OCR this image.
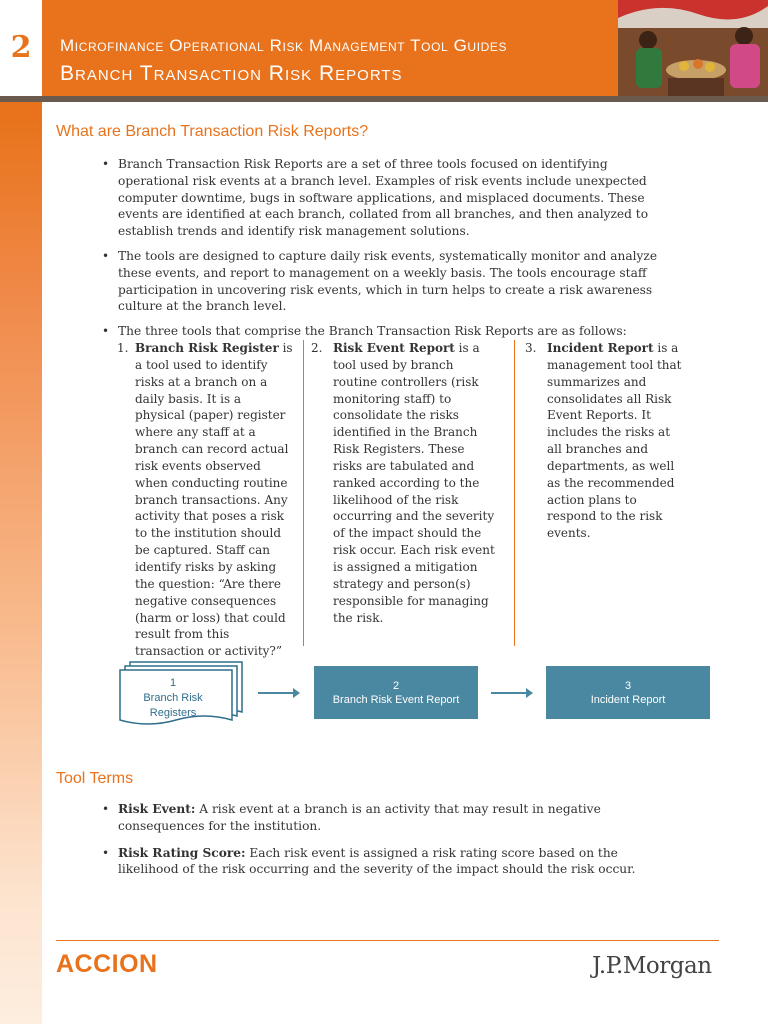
2	Microfinance Operational Risk Management Tool Guides
Branch Transaction Risk Reports
What are Branch Transaction Risk Reports?
• Branch Transaction Risk Reports are a set of three tools focused on identifying operational risk events at a branch level. Examples of risk events include unexpected computer downtime, bugs in software applications, and misplaced documents. These events are identified at each branch, collated from all branches, and then analyzed to establish trends and identify risk management solutions.
• The tools are designed to capture daily risk events, systematically monitor and analyze these events, and report to management on a weekly basis. The tools encourage staff participation in uncovering risk events, which in turn helps to create a risk awareness culture at the branch level.
• The three tools that comprise the Branch Transaction Risk Reports are as follows:
1. Branch Risk Register is a tool used to identify risks at a branch on a daily basis. It is a physical (paper) register where any staff at a branch can record actual risk events observed when conducting routine branch transactions. Any activity that poses a risk to the institution should be captured. Staff can identify risks by asking the question: “Are there negative consequences (harm or loss) that could result from this transaction or activity?”
2. Risk Event Report is a tool used by branch routine controllers (risk monitoring staff) to consolidate the risks identified in the Branch Risk Registers. These risks are tabulated and ranked according to the likelihood of the risk occurring and the severity of the impact should the risk occur. Each risk event is assigned a mitigation strategy and person(s) responsible for managing the risk.
3. Incident Report is a management tool that summarizes and consolidates all Risk Event Reports. It includes the risks at all branches and departments, as well as the recommended action plans to respond to the risk events.
1
Branch Risk Registers
2
Branch Risk Event Report
3
Incident Report
Tool Terms
• Risk Event: A risk event at a branch is an activity that may result in negative consequences for the institution.
• Risk Rating Score: Each risk event is assigned a risk rating score based on the likelihood of the risk occurring and the severity of the impact should the risk occur.
ACCION	J.P.Morgan
